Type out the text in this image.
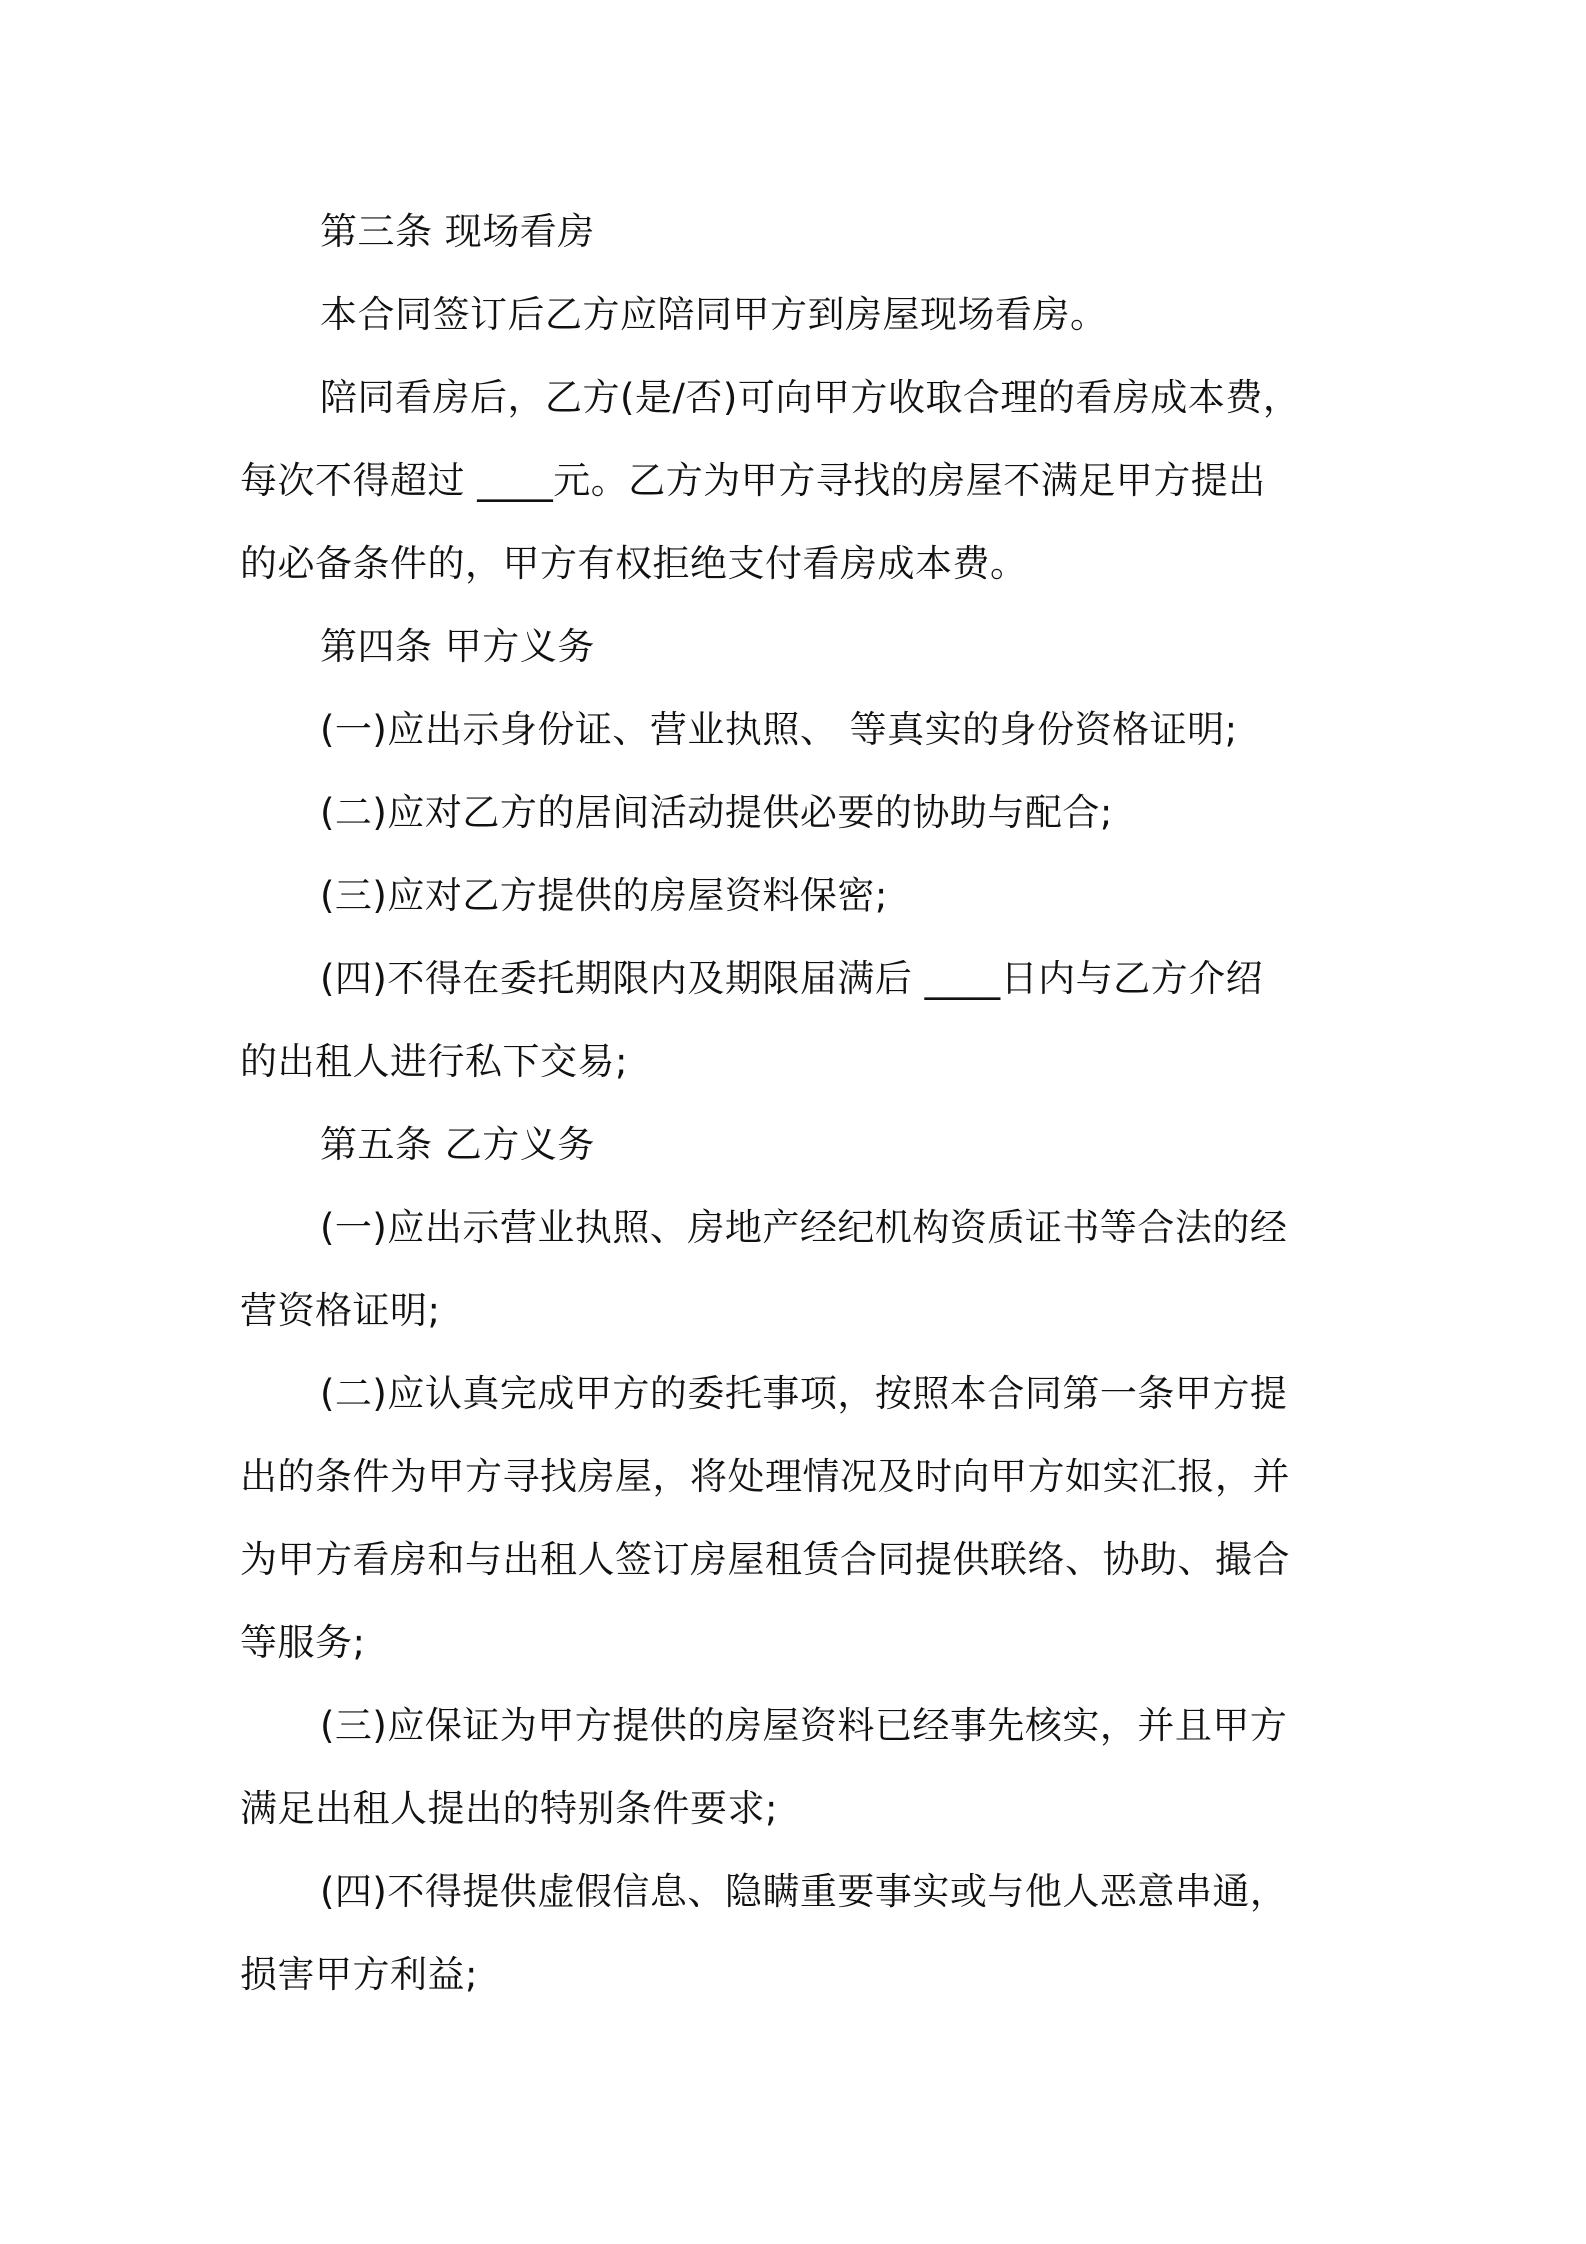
第三条 现场看房
本合同签订后乙方应陪同甲方到房屋现场看房。
陪同看房后，乙方(是/否)可向甲方收取合理的看房成本费，
每次不得超过 ____元。乙方为甲方寻找的房屋不满足甲方提出
的必备条件的，甲方有权拒绝支付看房成本费。
第四条 甲方义务
(一)应出示身份证、营业执照、 等真实的身份资格证明;
(二)应对乙方的居间活动提供必要的协助与配合;
(三)应对乙方提供的房屋资料保密;
(四)不得在委托期限内及期限届满后 ____日内与乙方介绍
的出租人进行私下交易;
第五条 乙方义务
(一)应出示营业执照、房地产经纪机构资质证书等合法的经
营资格证明;
(二)应认真完成甲方的委托事项，按照本合同第一条甲方提
出的条件为甲方寻找房屋，将处理情况及时向甲方如实汇报，并
为甲方看房和与出租人签订房屋租赁合同提供联络、协助、撮合
等服务;
(三)应保证为甲方提供的房屋资料已经事先核实，并且甲方
满足出租人提出的特别条件要求;
(四)不得提供虚假信息、隐瞒重要事实或与他人恶意串通，
损害甲方利益;
